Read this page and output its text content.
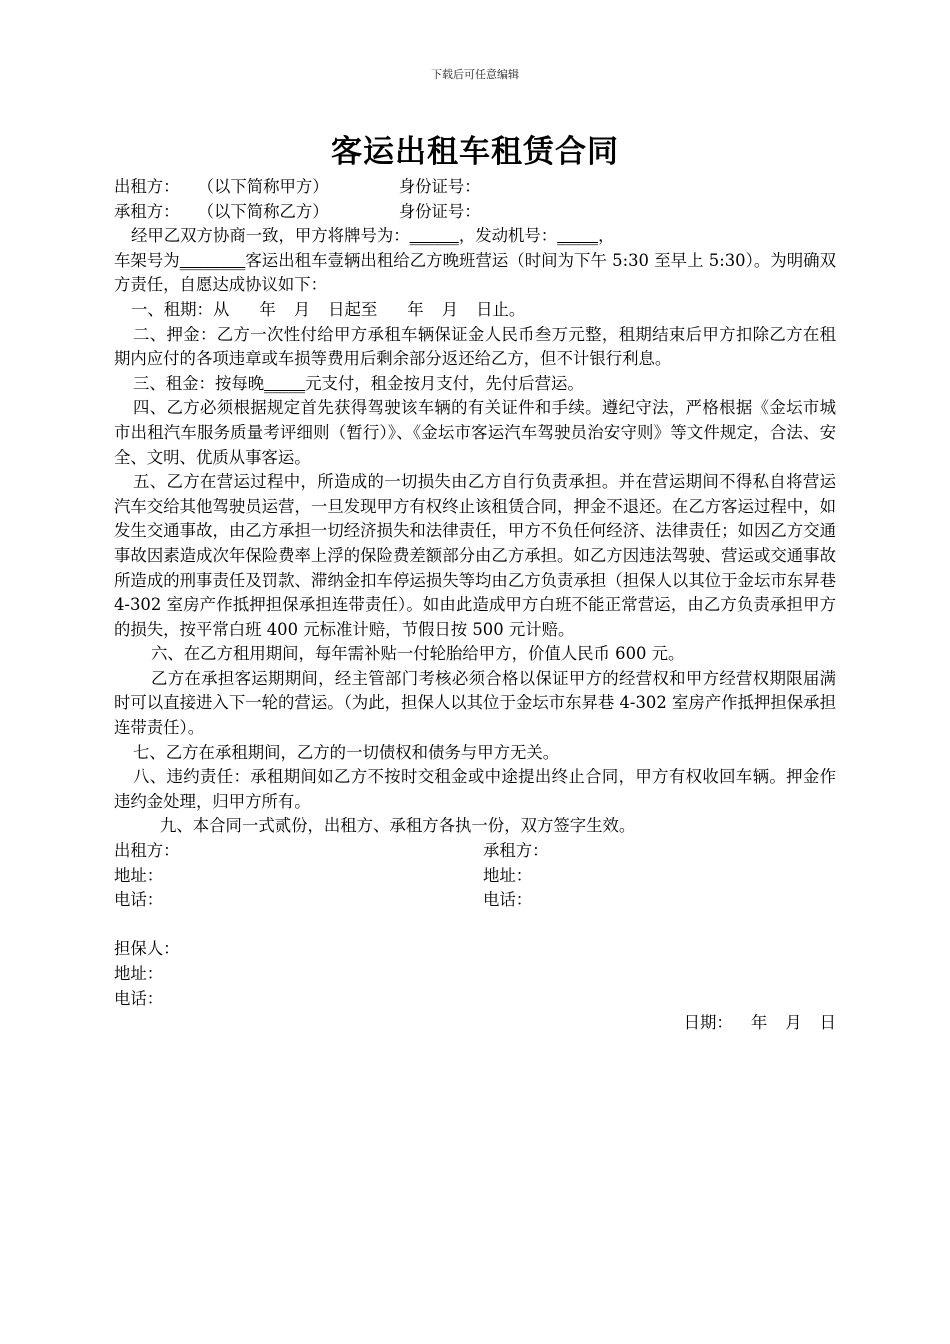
下载后可任意编辑
客运出租车租赁合同
出租方： （以下简称甲方）	身份证号：
承租方： （以下简称乙方）	身份证号：
经甲乙双方协商一致，甲方将牌号为：______，发动机号：_____，
车架号为________客运出租车壹辆出租给乙方晚班营运（时间为下午 5:30 至早上 5:30）。为明确双方责任，自愿达成协议如下：
一、租期：从 年 月 日起至 年 月 日止。
二、押金：乙方一次性付给甲方承租车辆保证金人民币叁万元整，租期结束后甲方扣除乙方在租期内应付的各项违章或车损等费用后剩余部分返还给乙方，但不计银行利息。
三、租金：按每晚_____元支付，租金按月支付，先付后营运。
四、乙方必须根据规定首先获得驾驶该车辆的有关证件和手续。遵纪守法，严格根据《金坛市城市出租汽车服务质量考评细则（暂行）》、《金坛市客运汽车驾驶员治安守则》等文件规定，合法、安全、文明、优质从事客运。
五、乙方在营运过程中，所造成的一切损失由乙方自行负责承担。并在营运期间不得私自将营运汽车交给其他驾驶员运营，一旦发现甲方有权终止该租赁合同，押金不退还。在乙方客运过程中，如发生交通事故，由乙方承担一切经济损失和法律责任，甲方不负任何经济、法律责任；如因乙方交通事故因素造成次年保险费率上浮的保险费差额部分由乙方承担。如乙方因违法驾驶、营运或交通事故所造成的刑事责任及罚款、滞纳金扣车停运损失等均由乙方负责承担（担保人以其位于金坛市东昇巷 4-302 室房产作抵押担保承担连带责任）。如由此造成甲方白班不能正常营运，由乙方负责承担甲方的损失，按平常白班 400 元标准计赔，节假日按 500 元计赔。
六、在乙方租用期间，每年需补贴一付轮胎给甲方，价值人民币 600 元。
乙方在承担客运期期间，经主管部门考核必须合格以保证甲方的经营权和甲方经营权期限届满时可以直接进入下一轮的营运。（为此，担保人以其位于金坛市东昇巷 4-302 室房产作抵押担保承担连带责任）。
七、乙方在承租期间，乙方的一切债权和债务与甲方无关。
八、违约责任：承租期间如乙方不按时交租金或中途提出终止合同，甲方有权收回车辆。押金作违约金处理，归甲方所有。
九、本合同一式贰份，出租方、承租方各执一份，双方签字生效。
出租方：	承租方：
地址：	地址：
电话：	电话：
担保人：
地址：
电话：
日期： 年 月 日
